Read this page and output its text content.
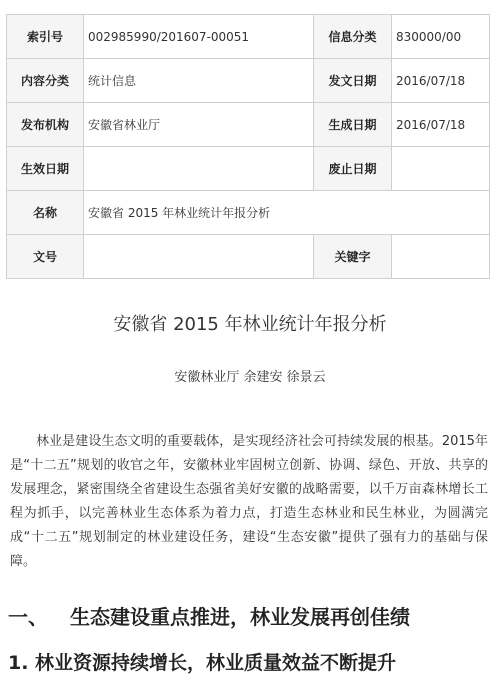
索引号	002985990/201607-00051	信息分类	830000/00
内容分类	统计信息	发文日期	2016/07/18
发布机构	安徽省林业厅	生成日期	2016/07/18
生效日期		废止日期	
名称	安徽省 2015 年林业统计年报分析		
文号		关键字	
安徽省 2015 年林业统计年报分析
安徽林业厅 余建安 徐景云

林业是建设生态文明的重要载体，是实现经济社会可持续发展的根基。2015年是“十二五”规划的收官之年，安徽林业牢固树立创新、协调、绿色、开放、共享的发展理念，紧密围绕全省建设生态强省美好安徽的战略需要，以千万亩森林增长工程为抓手，以完善林业生态体系为着力点，打造生态林业和民生林业，为圆满完成“十二五”规划制定的林业建设任务，建设“生态安徽”提供了强有力的基础与保障。

一、 生态建设重点推进，林业发展再创佳绩
1. 林业资源持续增长，林业质量效益不断提升
